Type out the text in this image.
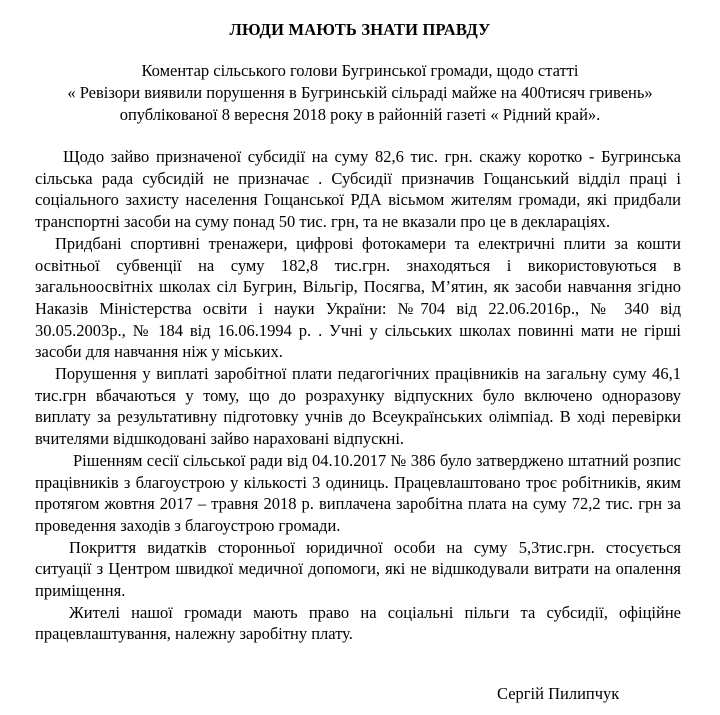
ЛЮДИ МАЮТЬ ЗНАТИ ПРАВДУ
Коментар сільського голови Бугринської громади, щодо статті
« Ревізори виявили порушення в Бугринській сільраді майже на 400тисяч гривень»
опублікованої 8 вересня 2018 року в районній газеті « Рідний край».

Щодо зайво призначеної субсидії на суму 82,6 тис. грн. скажу коротко - Бугринська сільська рада субсидій не призначає . Субсидії призначив Гощанський відділ праці і соціального захисту населення Гощанської РДА вісьмом жителям громади, які придбали транспортні засоби на суму понад 50 тис. грн, та не вказали про це в деклараціях.

Придбані спортивні тренажери, цифрові фотокамери та електричні плити за кошти освітньої субвенції на суму 182,8 тис.грн. знаходяться і використовуються в загальноосвітніх школах сіл Бугрин, Вільгір, Посягва, М’ятин, як засоби навчання згідно Наказів Міністерства освіти і науки України: №704 від 22.06.2016р., № 340 від 30.05.2003р., № 184 від 16.06.1994 р. . Учні у сільських школах повинні мати не гірші засоби для навчання ніж у міських.

Порушення у виплаті заробітної плати педагогічних працівників на загальну суму 46,1 тис.грн вбачаються у тому, що до розрахунку відпускних було включено одноразову виплату за результативну підготовку учнів до Всеукраїнських олімпіад. В ході перевірки вчителями відшкодовані зайво нараховані відпускні.

Рішенням сесії сільської ради від 04.10.2017 № 386 було затверджено штатний розпис працівників з благоустрою у кількості 3 одиниць. Працевлаштовано троє робітників, яким протягом жовтня 2017 – травня 2018 р. виплачена заробітна плата на суму 72,2 тис. грн за проведення заходів з благоустрою громади.

Покриття видатків сторонньої юридичної особи на суму 5,3тис.грн. стосується ситуації з Центром швидкої медичної допомоги, які не відшкодували витрати на опалення приміщення.

Жителі нашої громади мають право на соціальні пільги та субсидії, офіційне працевлаштування, належну заробітну плату.

Сергій Пилипчук
